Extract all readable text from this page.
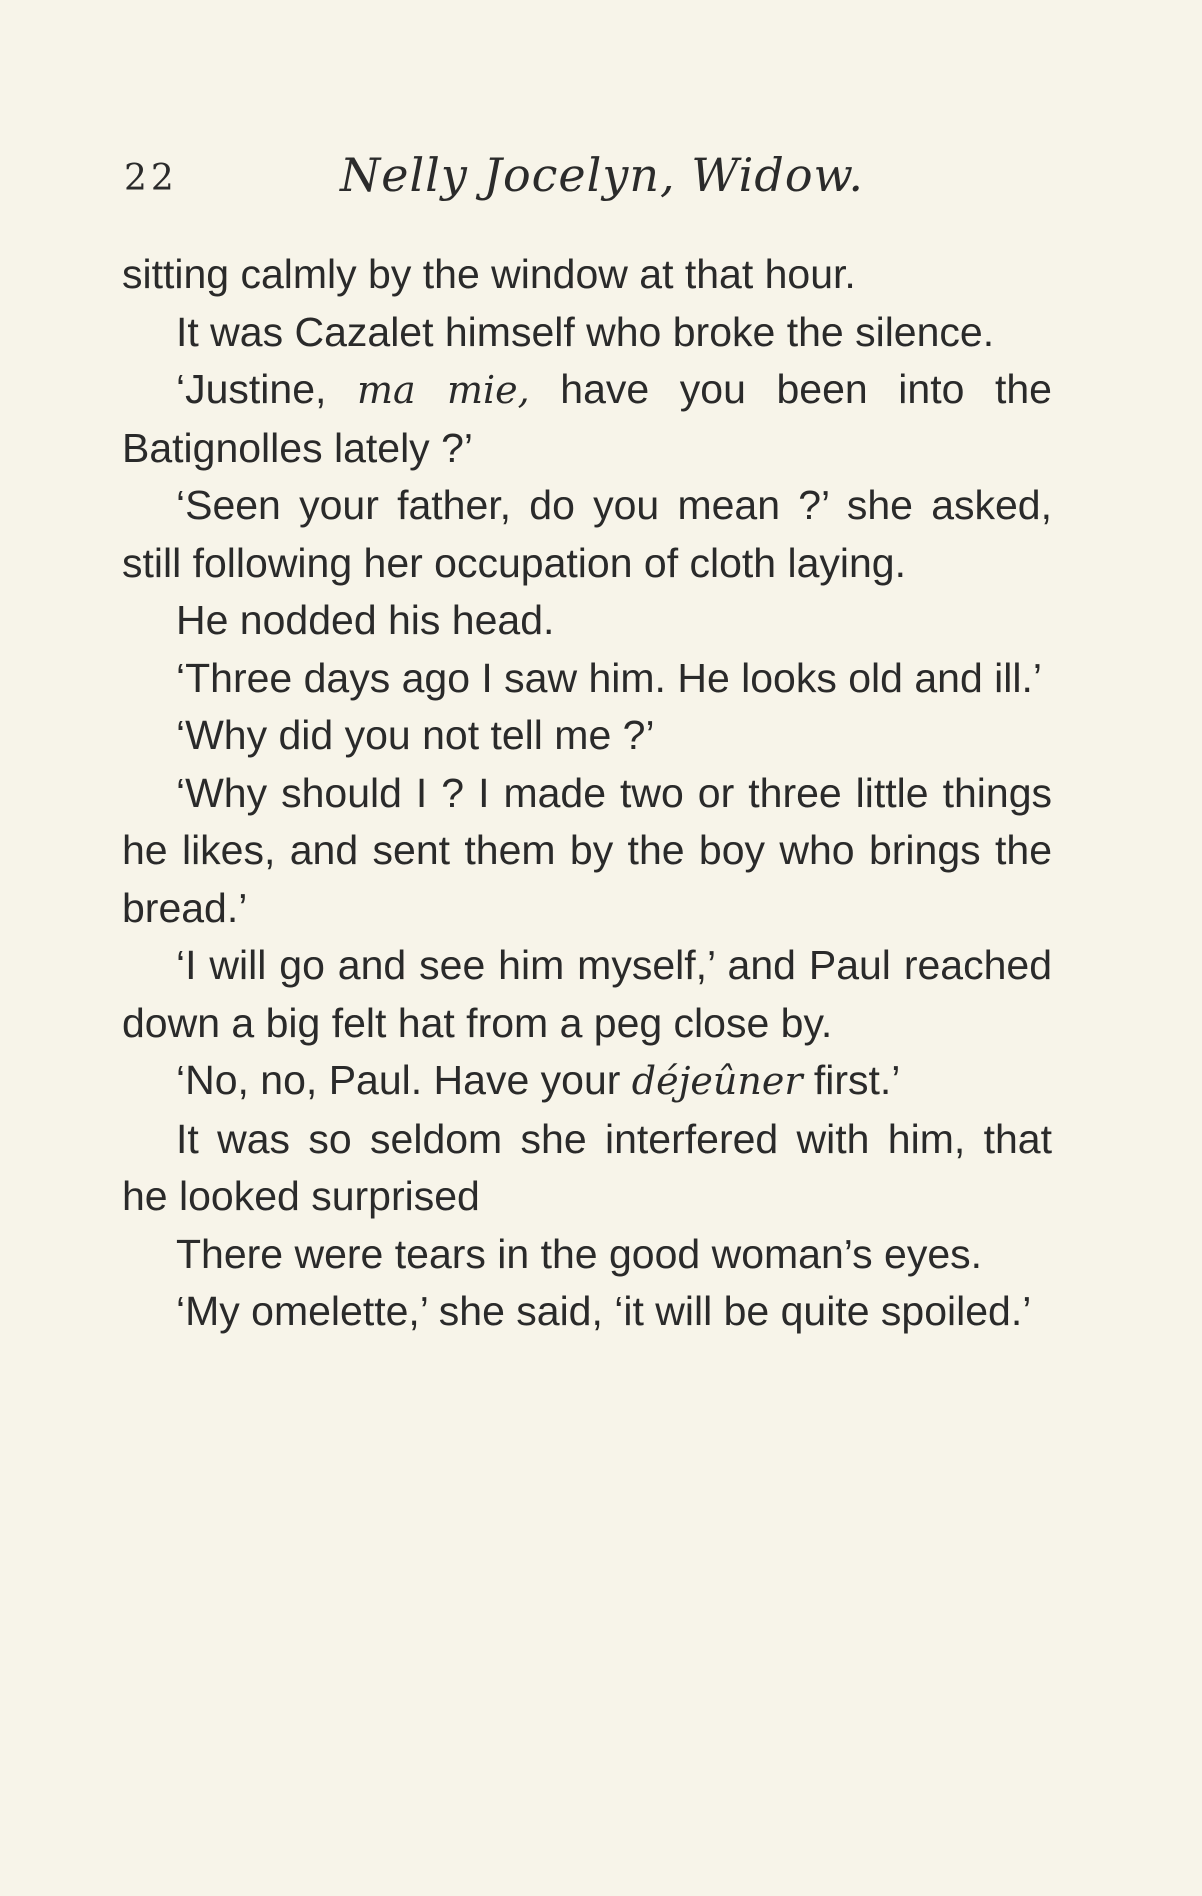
22	Nelly Jocelyn, Widow.

sitting calmly by the window at that hour.

It was Cazalet himself who broke the silence.

‘Justine, ma mie, have you been into the Batignolles lately ?’

‘Seen your father, do you mean ?’ she asked, still following her occupation of cloth laying.

He nodded his head.

‘Three days ago I saw him. He looks old and ill.’

‘Why did you not tell me ?’

‘Why should I ? I made two or three little things he likes, and sent them by the boy who brings the bread.’

‘I will go and see him myself,’ and Paul reached down a big felt hat from a peg close by.

‘No, no, Paul. Have your déjeûner first.’

It was so seldom she interfered with him, that he looked surprised

There were tears in the good woman’s eyes.

‘My omelette,’ she said, ‘it will be quite spoiled.’
